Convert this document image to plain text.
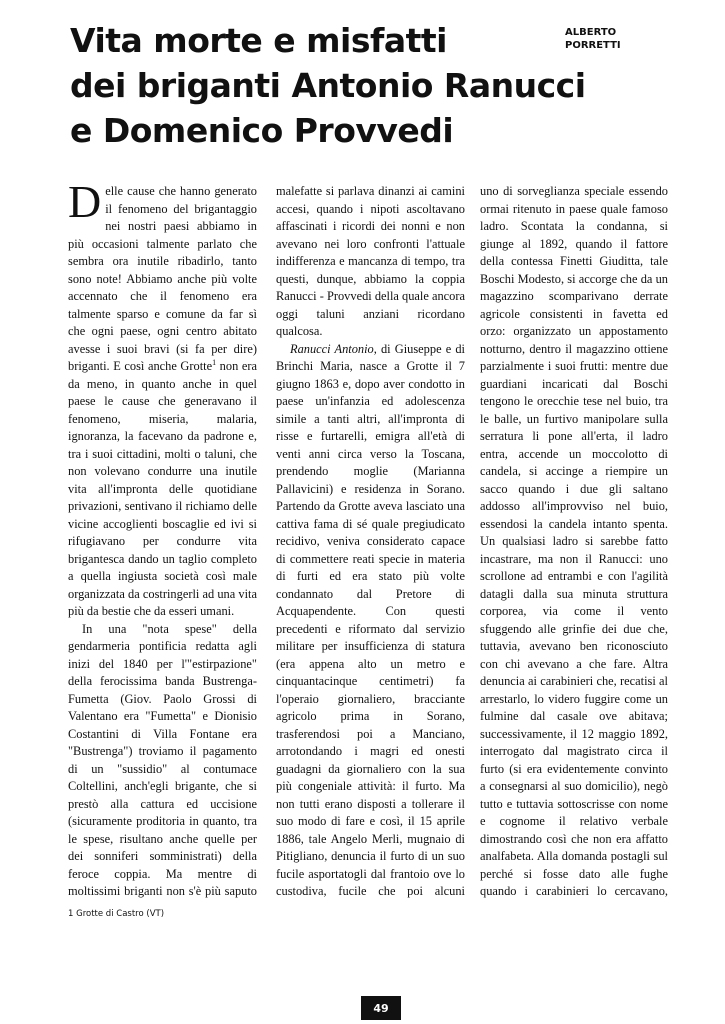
Vita morte e misfatti
dei briganti Antonio Ranucci
e Domenico Provvedi
ALBERTO
PORRETTI

Delle cause che hanno generato il fenomeno del brigantaggio nei nostri paesi abbiamo in più occasioni talmente parlato che sembra ora inutile ribadirlo, tanto sono note! Abbiamo anche più volte accennato che il fenomeno era talmente sparso e comune da far sì che ogni paese, ogni centro abitato avesse i suoi bravi (si fa per dire) briganti. E così anche Grotte$^1$ non era da meno, in quanto anche in quel paese le cause che generavano il fenomeno, miseria, malaria, ignoranza, la facevano da padrone e, tra i suoi cittadini, molti o taluni, che non volevano condurre una inutile vita all'impronta delle quotidiane privazioni, sentivano il richiamo delle vicine accoglienti boscaglie ed ivi si rifugiavano per condurre vita brigantesca dando un taglio completo a quella ingiusta società così male organizzata da costringerli ad una vita più da bestie che da esseri umani.

In una "nota spese" della gendarmeria pontificia redatta agli inizi del 1840 per l'"estirpazione" della ferocissima banda Bustrenga-Fumetta (Giov. Paolo Grossi di Valentano era "Fumetta" e Dionisio Costantini di Villa Fontane era "Bustrenga") troviamo il pagamento di un "sussidio" al contumace Coltellini, anch'egli brigante, che si prestò alla cattura ed uccisione (sicuramente proditoria in quanto, tra le spese, risultano anche quelle per dei sonniferi somministrati) della feroce coppia. Ma mentre di moltissimi briganti non s'è più saputo

malefatte si parlava dinanzi ai camini accesi, quando i nipoti ascoltavano affascinati i ricordi dei nonni e non avevano nei loro confronti l'attuale indifferenza e mancanza di tempo, tra questi, dunque, abbiamo la coppia Ranucci - Provvedi della quale ancora oggi taluni anziani ricordano qualcosa.

Ranucci Antonio, di Giuseppe e di Brinchi Maria, nasce a Grotte il 7 giugno 1863 e, dopo aver condotto in paese un'infanzia ed adolescenza simile a tanti altri, all'impronta di risse e furtarelli, emigra all'età di venti anni circa verso la Toscana, prendendo moglie (Marianna Pallavicini) e residenza in Sorano. Partendo da Grotte aveva lasciato una cattiva fama di sé quale pregiudicato recidivo, veniva considerato capace di commettere reati specie in materia di furti ed era stato più volte condannato dal Pretore di Acquapendente. Con questi precedenti e riformato dal servizio militare per insufficienza di statura (era appena alto un metro e cinquantacinque centimetri) fa l'operaio giornaliero, bracciante agricolo prima in Sorano, trasferendosi poi a Manciano, arrotondando i magri ed onesti guadagni da giornaliero con la sua più congeniale attività: il furto. Ma non tutti erano disposti a tollerare il suo modo di fare e così, il 15 aprile 1886, tale Angelo Merli, mugnaio di Pitigliano, denuncia il furto di un suo fucile asportatogli dal frantoio ove lo custodiva, fucile che poi alcuni

uno di sorveglianza speciale essendo ormai ritenuto in paese quale famoso ladro. Scontata la condanna, si giunge al 1892, quando il fattore della contessa Finetti Giuditta, tale Boschi Modesto, si accorge che da un magazzino scomparivano derrate agricole consistenti in favetta ed orzo: organizzato un appostamento notturno, dentro il magazzino ottiene parzialmente i suoi frutti: mentre due guardiani incaricati dal Boschi tengono le orecchie tese nel buio, tra le balle, un furtivo manipolare sulla serratura li pone all'erta, il ladro entra, accende un moccolotto di candela, si accinge a riempire un sacco quando i due gli saltano addosso all'improvviso nel buio, essendosi la candela intanto spenta. Un qualsiasi ladro si sarebbe fatto incastrare, ma non il Ranucci: uno scrollone ad entrambi e con l'agilità datagli dalla sua minuta struttura corporea, via come il vento sfuggendo alle grinfie dei due che, tuttavia, avevano ben riconosciuto con chi avevano a che fare. Altra denuncia ai carabinieri che, recatisi al arrestarlo, lo videro fuggire come un fulmine dal casale ove abitava; successivamente, il 12 maggio 1892, interrogato dal magistrato circa il furto (si era evidentemente convinto a consegnarsi al suo domicilio), negò tutto e tuttavia sottoscrisse con nome e cognome il relativo verbale dimostrando così che non era affatto analfabeta. Alla domanda postagli sul perché si fosse dato alle fughe quando i carabinieri lo cercavano,

1 Grotte di Castro (VT)

49
